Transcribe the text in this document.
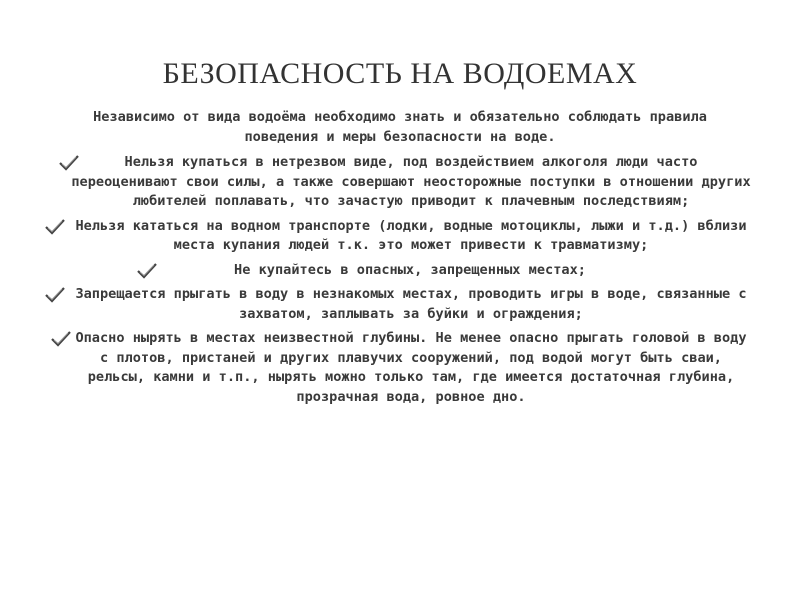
БЕЗОПАСНОСТЬ НА ВОДОЕМАХ

Независимо от вида водоёма необходимо знать и обязательно соблюдать правила поведения и меры безопасности на воде.

Нельзя купаться в нетрезвом виде, под воздействием алкоголя люди часто переоценивают свои силы, а также совершают неосторожные поступки в отношении других любителей поплавать, что зачастую приводит к плачевным последствиям;
Нельзя кататься на водном транспорте (лодки, водные мотоциклы, лыжи и т.д.) вблизи места купания людей т.к. это может привести к травматизму;
Не купайтесь в опасных, запрещенных местах;
Запрещается прыгать в воду в незнакомых местах, проводить игры в воде, связанные с захватом, заплывать за буйки и ограждения;
Опасно нырять в местах неизвестной глубины. Не менее опасно прыгать головой в воду с плотов, пристаней и других плавучих сооружений, под водой могут быть сваи, рельсы, камни и т.п., нырять можно только там, где имеется достаточная глубина, прозрачная вода, ровное дно.
